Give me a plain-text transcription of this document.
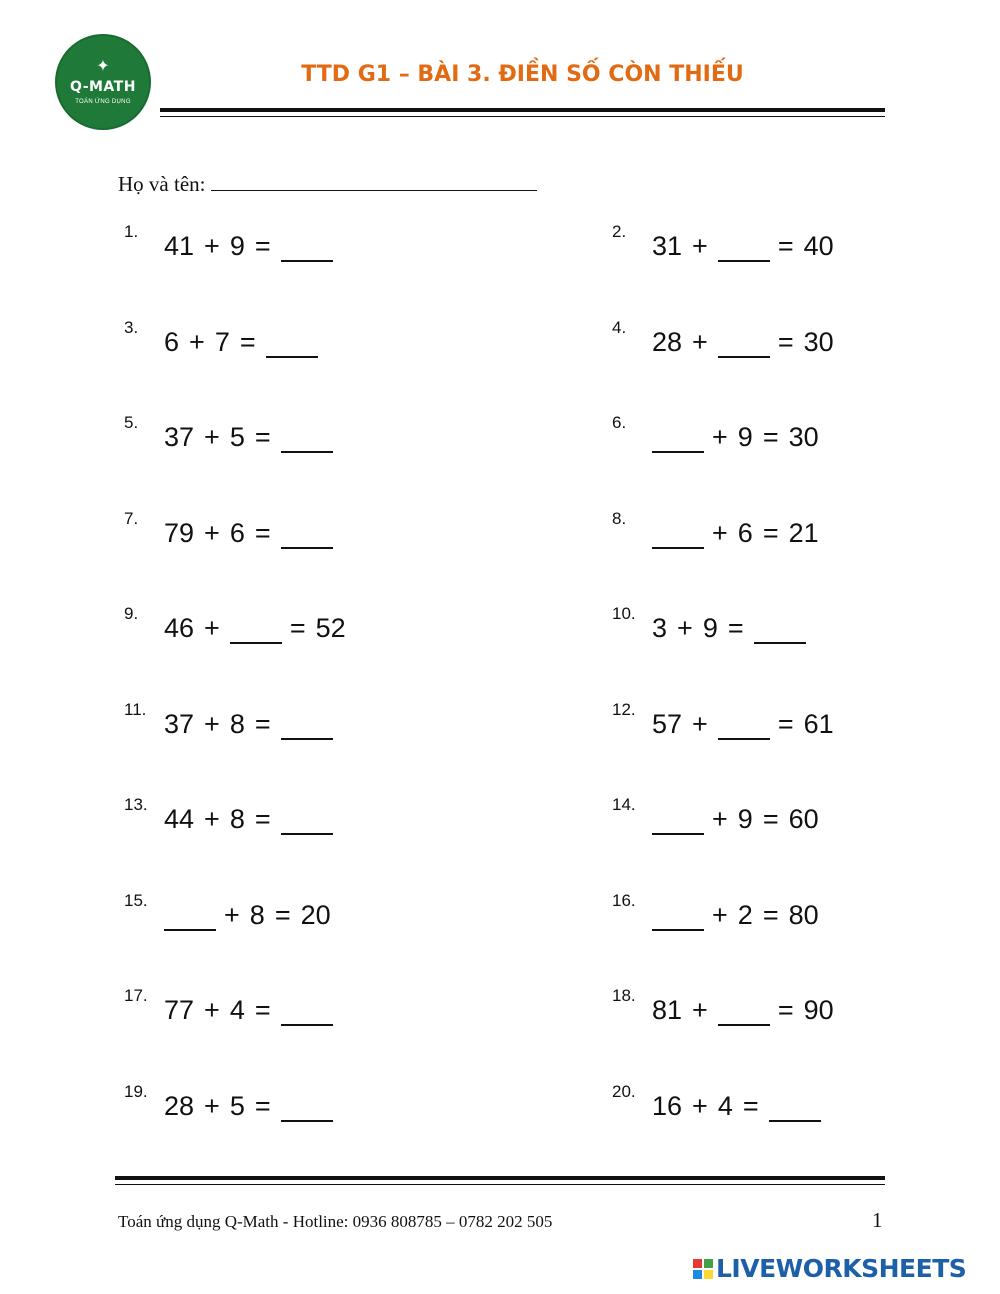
✦
Q-MATH
TOÁN ỨNG DỤNG
TTD G1 – BÀI 3. ĐIỀN SỐ CÒN THIẾU
Họ và tên:
1. 41 + 9 =	2. 31 +	= 40
3. 6 + 7 =	4. 28 +	= 30
5. 37 + 5 =	6.	+ 9 = 30
7. 79 + 6 =	8.	+ 6 = 21
9. 46 +	= 52	10. 3 + 9 =
11. 37 + 8 =	12. 57 +	= 61
13. 44 + 8 =	14.	+ 9 = 60
15.	+ 8 = 20	16.	+ 2 = 80
17. 77 + 4 =	18. 81 +	= 90
19. 28 + 5 =	20. 16 + 4 =
Toán ứng dụng Q-Math - Hotline: 0936 808785 – 0782 202 505	1
LIVEWORKSHEETS
